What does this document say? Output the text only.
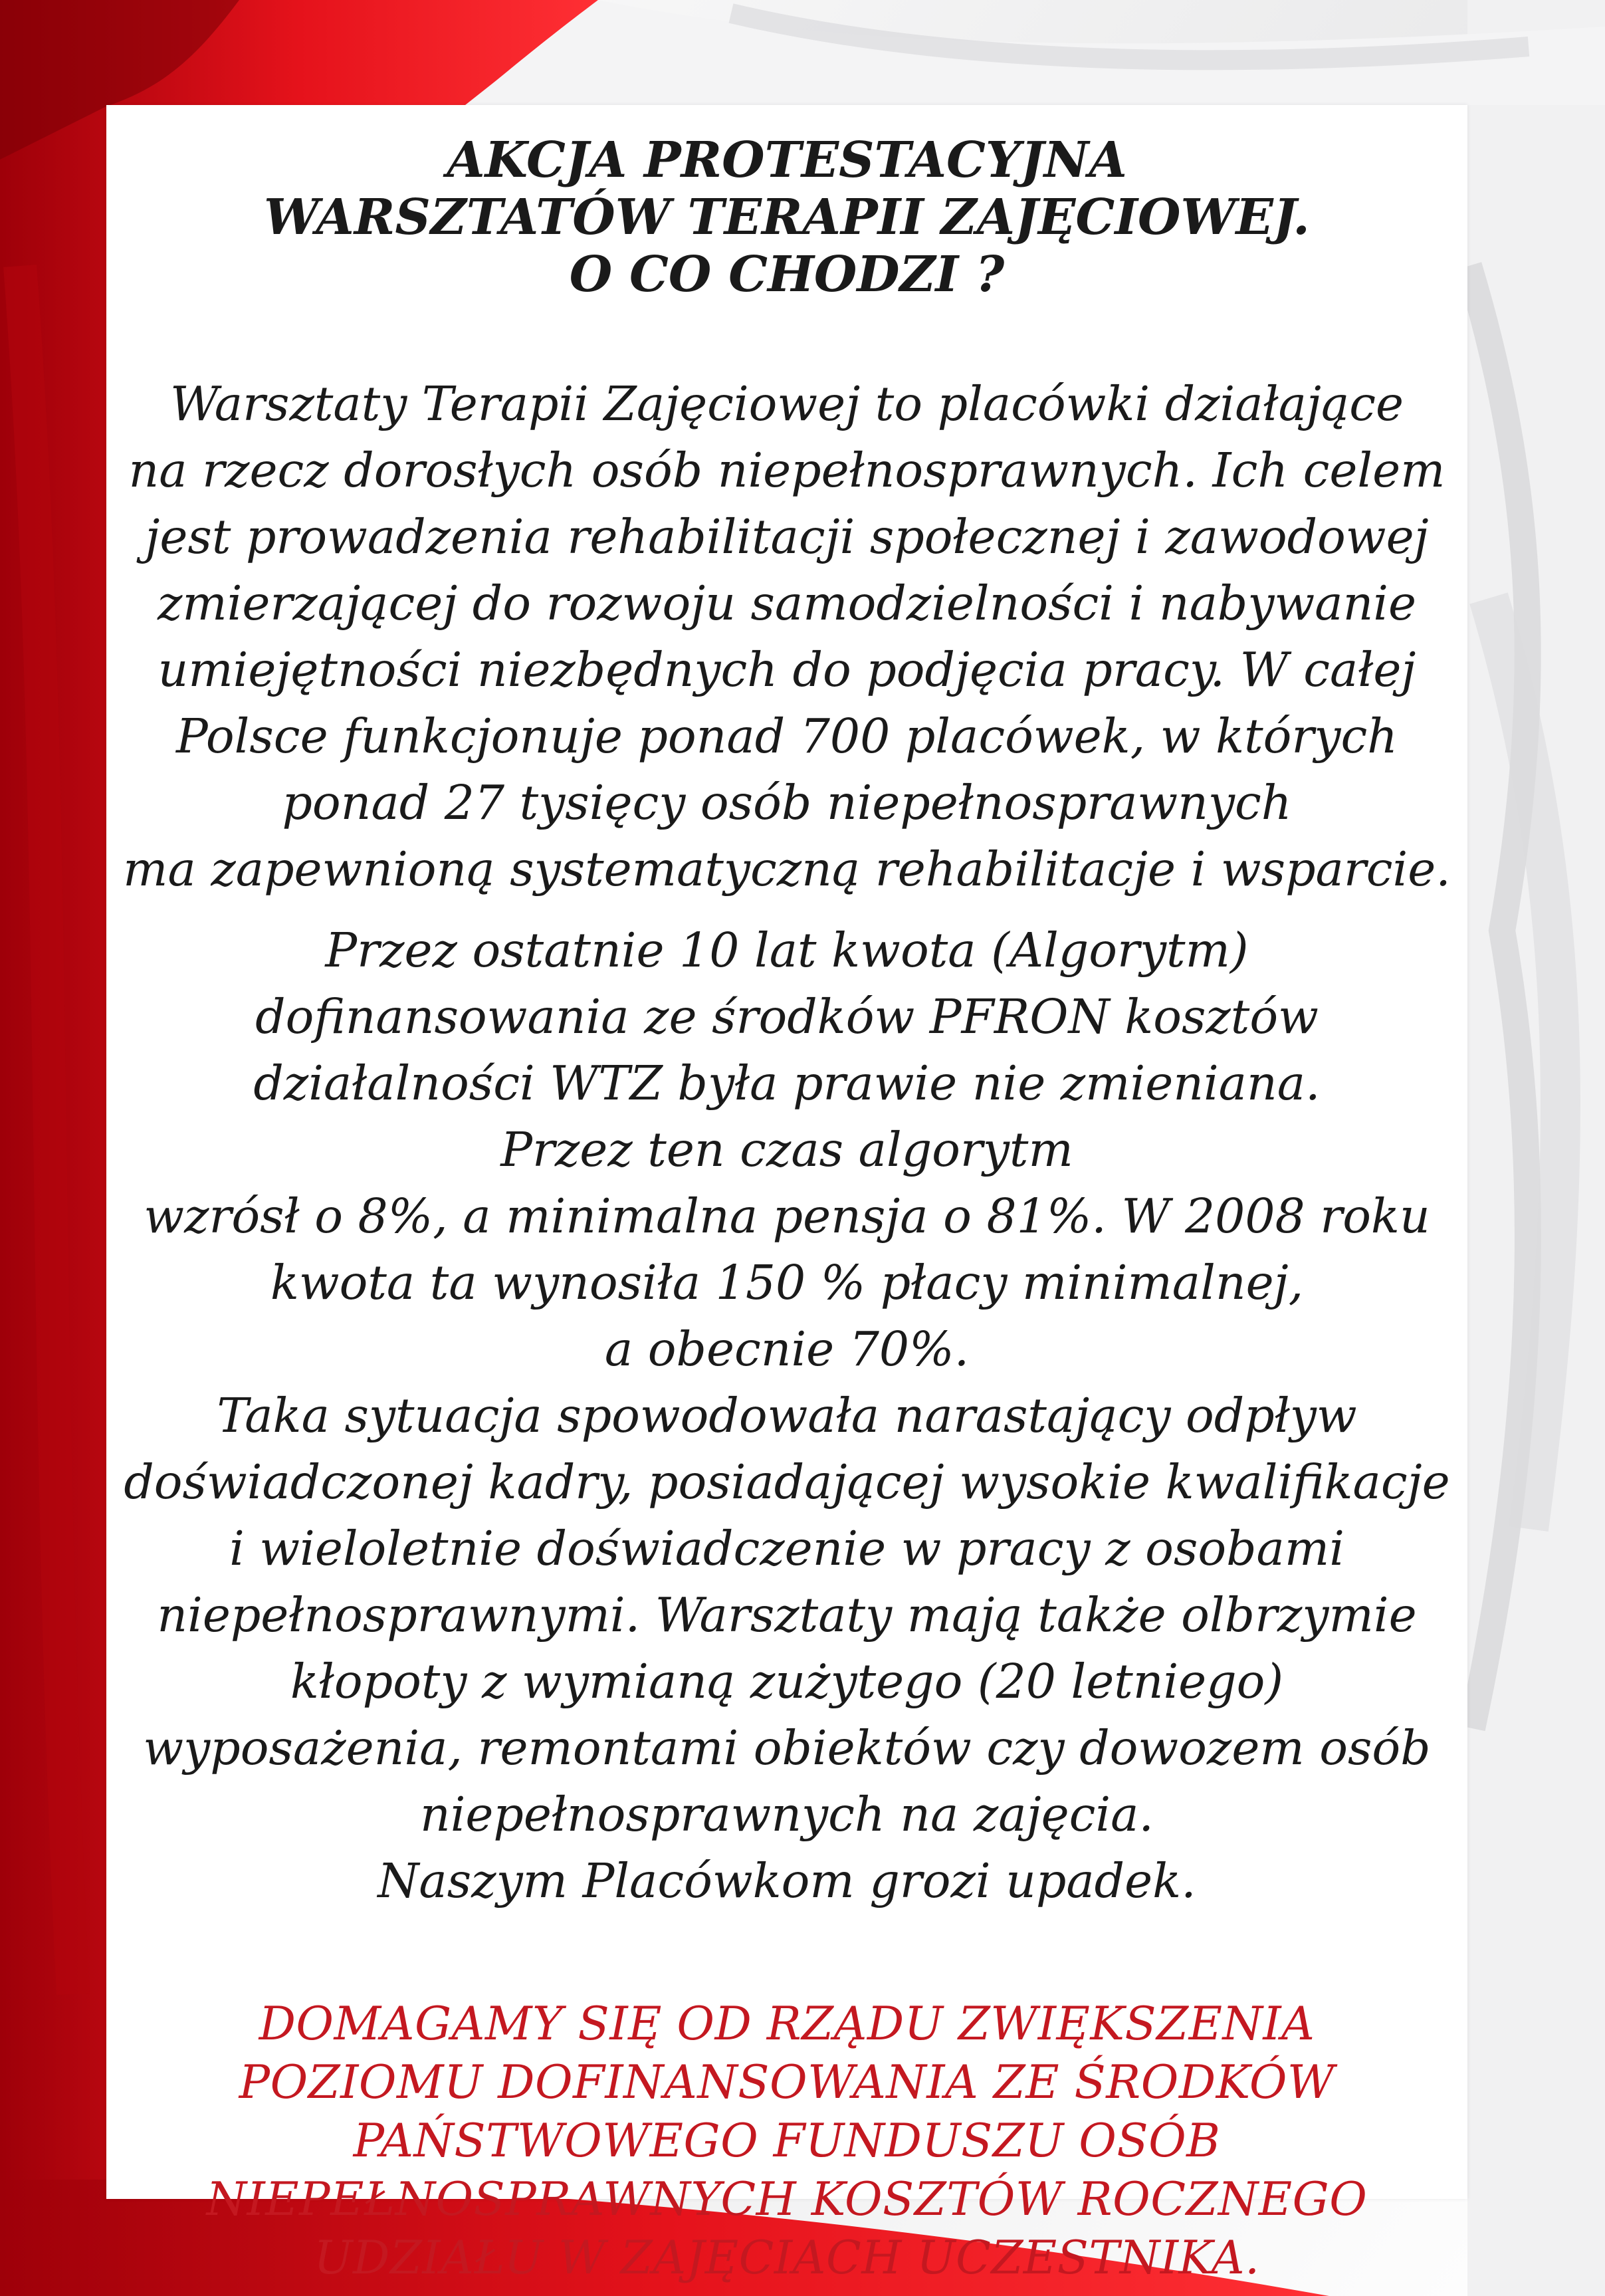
AKCJA PROTESTACYJNA
WARSZTATÓW TERAPII ZAJĘCIOWEJ.
O CO CHODZI ?
Warsztaty Terapii Zajęciowej to placówki działające
na rzecz dorosłych osób niepełnosprawnych. Ich celem
jest prowadzenia rehabilitacji społecznej i zawodowej
zmierzającej do rozwoju samodzielności i nabywanie
umiejętności niezbędnych do podjęcia pracy. W całej
Polsce funkcjonuje ponad 700 placówek, w których
ponad 27 tysięcy osób niepełnosprawnych
ma zapewnioną systematyczną rehabilitacje i wsparcie.
Przez ostatnie 10 lat kwota (Algorytm)
dofinansowania ze środków PFRON kosztów
działalności WTZ była prawie nie zmieniana.
Przez ten czas algorytm
wzrósł o 8%, a minimalna pensja o 81%. W 2008 roku
kwota ta wynosiła 150 % płacy minimalnej,
a obecnie 70%.
Taka sytuacja spowodowała narastający odpływ
doświadczonej kadry, posiadającej wysokie kwalifikacje
i wieloletnie doświadczenie w pracy z osobami
niepełnosprawnymi. Warsztaty mają także olbrzymie
kłopoty z wymianą zużytego (20 letniego)
wyposażenia, remontami obiektów czy dowozem osób
niepełnosprawnych na zajęcia.
Naszym Placówkom grozi upadek.
DOMAGAMY SIĘ OD RZĄDU ZWIĘKSZENIA
POZIOMU DOFINANSOWANIA ZE ŚRODKÓW
PAŃSTWOWEGO FUNDUSZU OSÓB
NIEPEŁNOSPRAWNYCH KOSZTÓW ROCZNEGO
UDZIAŁU W ZAJĘCIACH UCZESTNIKA.
